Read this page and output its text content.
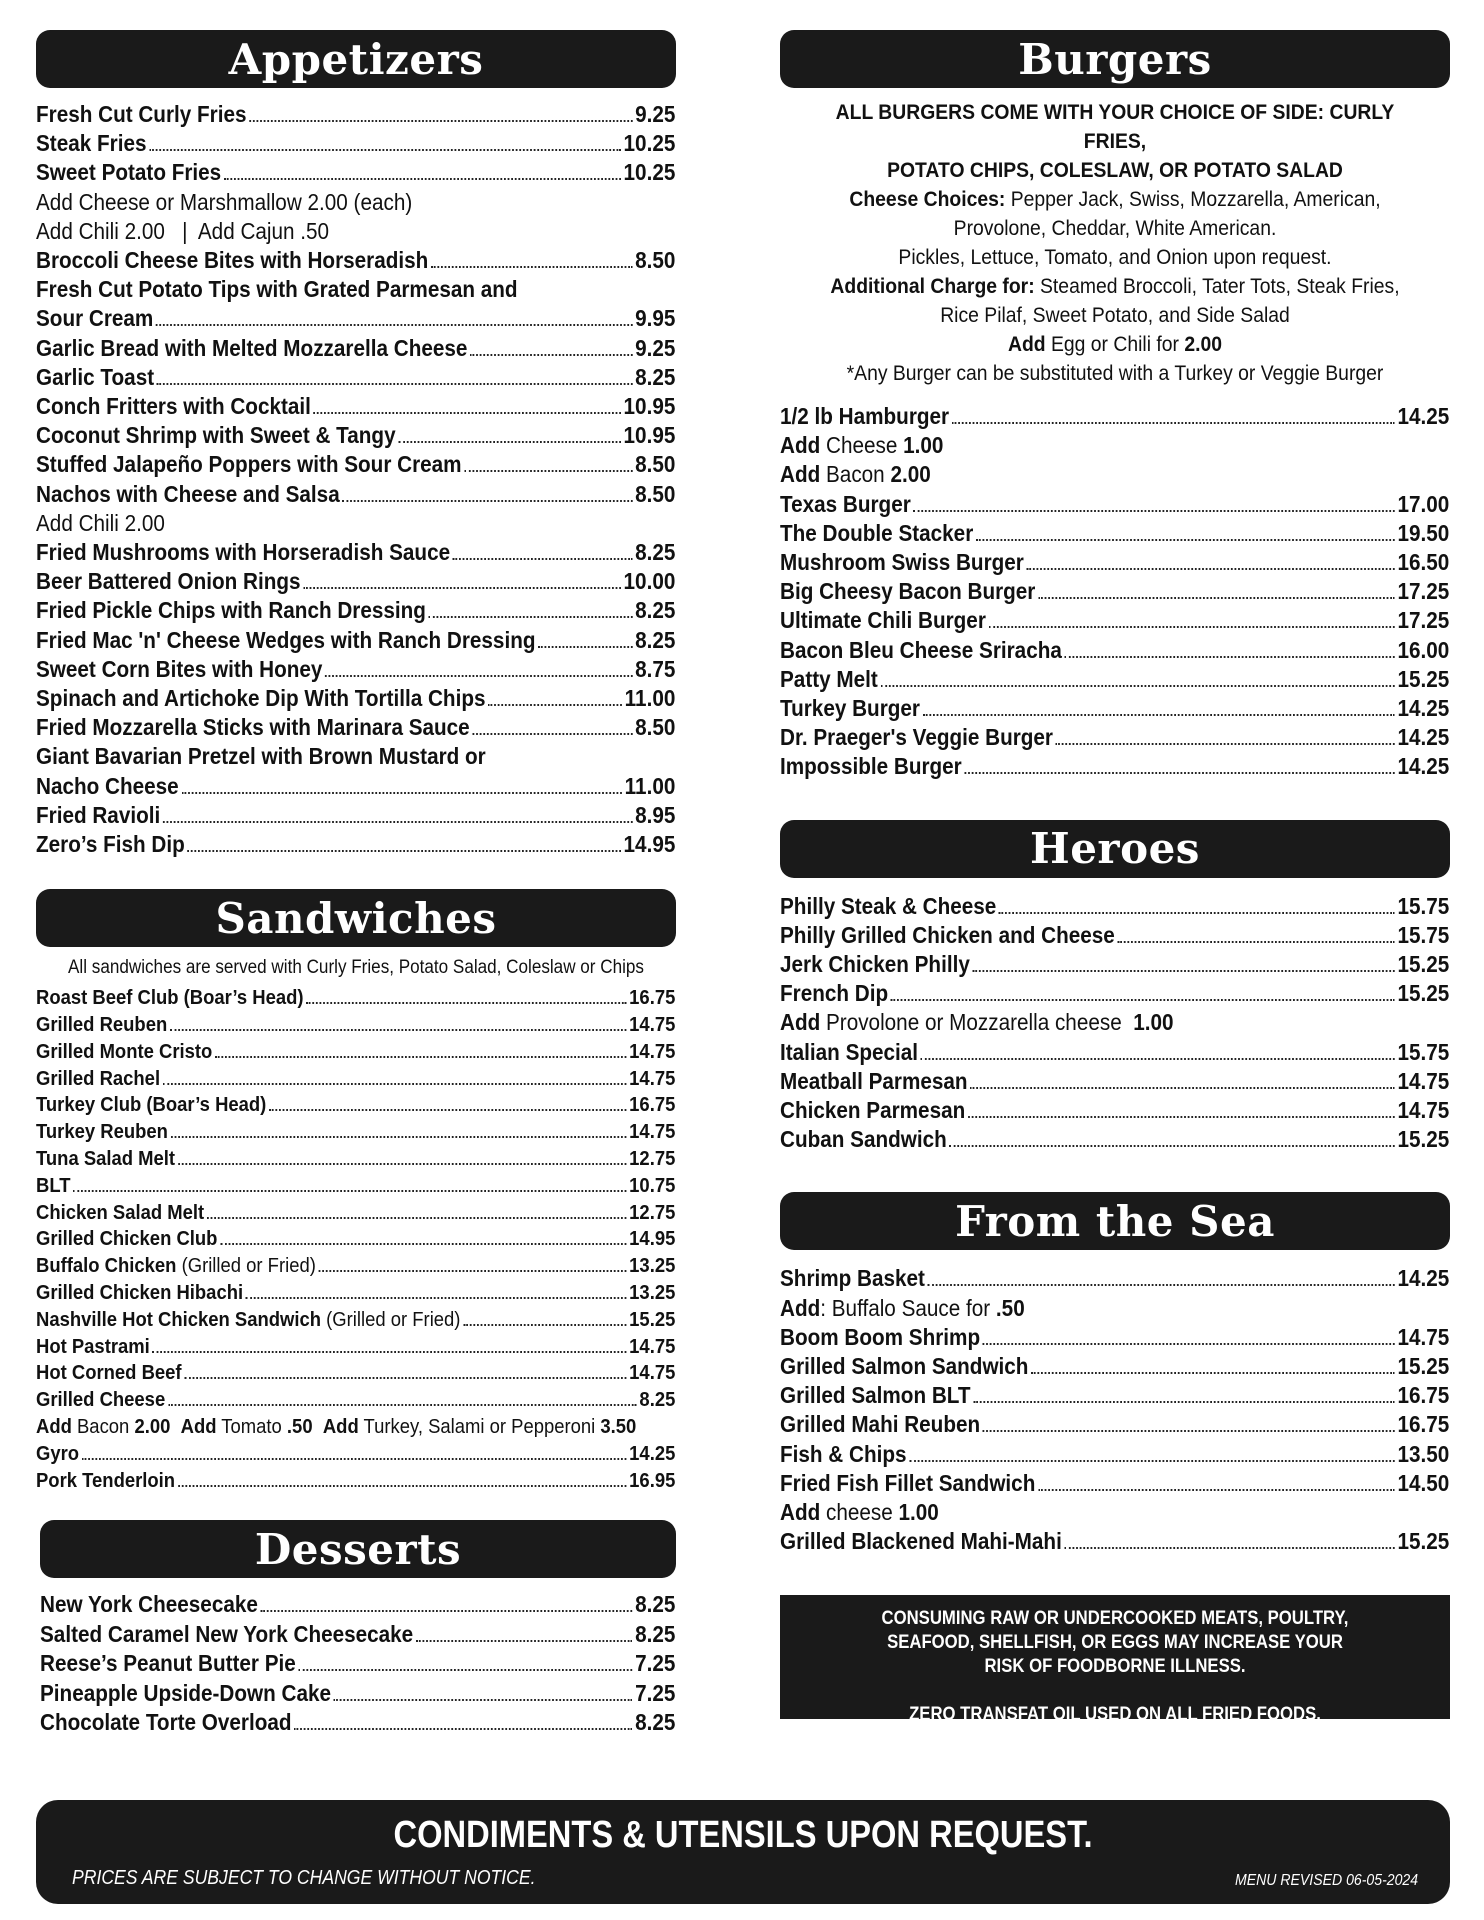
Appetizers
Fresh Cut Curly Fries	9.25
Steak Fries	10.25
Sweet Potato Fries	10.25
Add Cheese or Marshmallow 2.00 (each)
Add Chili 2.00   |  Add Cajun .50
Broccoli Cheese Bites with Horseradish	8.50
Fresh Cut Potato Tips with Grated Parmesan and
Sour Cream	9.95
Garlic Bread with Melted Mozzarella Cheese	9.25
Garlic Toast	8.25
Conch Fritters with Cocktail	10.95
Coconut Shrimp with Sweet & Tangy	10.95
Stuffed Jalapeño Poppers with Sour Cream	8.50
Nachos with Cheese and Salsa	8.50
Add Chili 2.00
Fried Mushrooms with Horseradish Sauce	8.25
Beer Battered Onion Rings	10.00
Fried Pickle Chips with Ranch Dressing	8.25
Fried Mac 'n' Cheese Wedges with Ranch Dressing	8.25
Sweet Corn Bites with Honey	8.75
Spinach and Artichoke Dip With Tortilla Chips	11.00
Fried Mozzarella Sticks with Marinara Sauce	8.50
Giant Bavarian Pretzel with Brown Mustard or
Nacho Cheese	11.00
Fried Ravioli	8.95
Zero’s Fish Dip	14.95
Sandwiches
All sandwiches are served with Curly Fries, Potato Salad, Coleslaw or Chips
Roast Beef Club (Boar’s Head)	16.75
Grilled Reuben	14.75
Grilled Monte Cristo	14.75
Grilled Rachel	14.75
Turkey Club (Boar’s Head)	16.75
Turkey Reuben	14.75
Tuna Salad Melt	12.75
BLT	10.75
Chicken Salad Melt	12.75
Grilled Chicken Club	14.95
Buffalo Chicken (Grilled or Fried)	13.25
Grilled Chicken Hibachi	13.25
Nashville Hot Chicken Sandwich (Grilled or Fried)	15.25
Hot Pastrami	14.75
Hot Corned Beef	14.75
Grilled Cheese	8.25
Add Bacon 2.00
Add Tomato .50
Add Turkey, Salami or Pepperoni 3.50
Gyro	14.25
Pork Tenderloin	16.95
Desserts
New York Cheesecake	8.25
Salted Caramel New York Cheesecake	8.25
Reese’s Peanut Butter Pie	7.25
Pineapple Upside-Down Cake	7.25
Chocolate Torte Overload	8.25
Burgers
ALL BURGERS COME WITH YOUR CHOICE OF SIDE: CURLY FRIES,
POTATO CHIPS, COLESLAW, OR POTATO SALAD
Cheese Choices: Pepper Jack, Swiss, Mozzarella, American,
Provolone, Cheddar, White American.
Pickles, Lettuce, Tomato, and Onion upon request.
Additional Charge for: Steamed Broccoli, Tater Tots, Steak Fries,
Rice Pilaf, Sweet Potato, and Side Salad
Add Egg or Chili for 2.00
*Any Burger can be substituted with a Turkey or Veggie Burger
1/2 lb Hamburger	14.25
Add Cheese 1.00
Add Bacon 2.00
Texas Burger	17.00
The Double Stacker	19.50
Mushroom Swiss Burger	16.50
Big Cheesy Bacon Burger	17.25
Ultimate Chili Burger	17.25
Bacon Bleu Cheese Sriracha	16.00
Patty Melt	15.25
Turkey Burger	14.25
Dr. Praeger's Veggie Burger	14.25
Impossible Burger	14.25
Heroes
Philly Steak & Cheese	15.75
Philly Grilled Chicken and Cheese	15.75
Jerk Chicken Philly	15.25
French Dip	15.25
Add Provolone or Mozzarella cheese 1.00
Italian Special	15.75
Meatball Parmesan	14.75
Chicken Parmesan	14.75
Cuban Sandwich	15.25
From the Sea
Shrimp Basket	14.25
Add : Buffalo Sauce for .50
Boom Boom Shrimp	14.75
Grilled Salmon Sandwich	15.25
Grilled Salmon BLT	16.75
Grilled Mahi Reuben	16.75
Fish & Chips	13.50
Fried Fish Fillet Sandwich	14.50
Add cheese 1.00
Grilled Blackened Mahi-Mahi	15.25

CONSUMING RAW OR UNDERCOOKED MEATS, POULTRY,

SEAFOOD, SHELLFISH, OR EGGS MAY INCREASE YOUR

RISK OF FOODBORNE ILLNESS.

ZERO TRANSFAT OIL USED ON ALL FRIED FOODS.

CONDIMENTS & UTENSILS UPON REQUEST.
PRICES ARE SUBJECT TO CHANGE WITHOUT NOTICE.	MENU REVISED 06-05-2024
